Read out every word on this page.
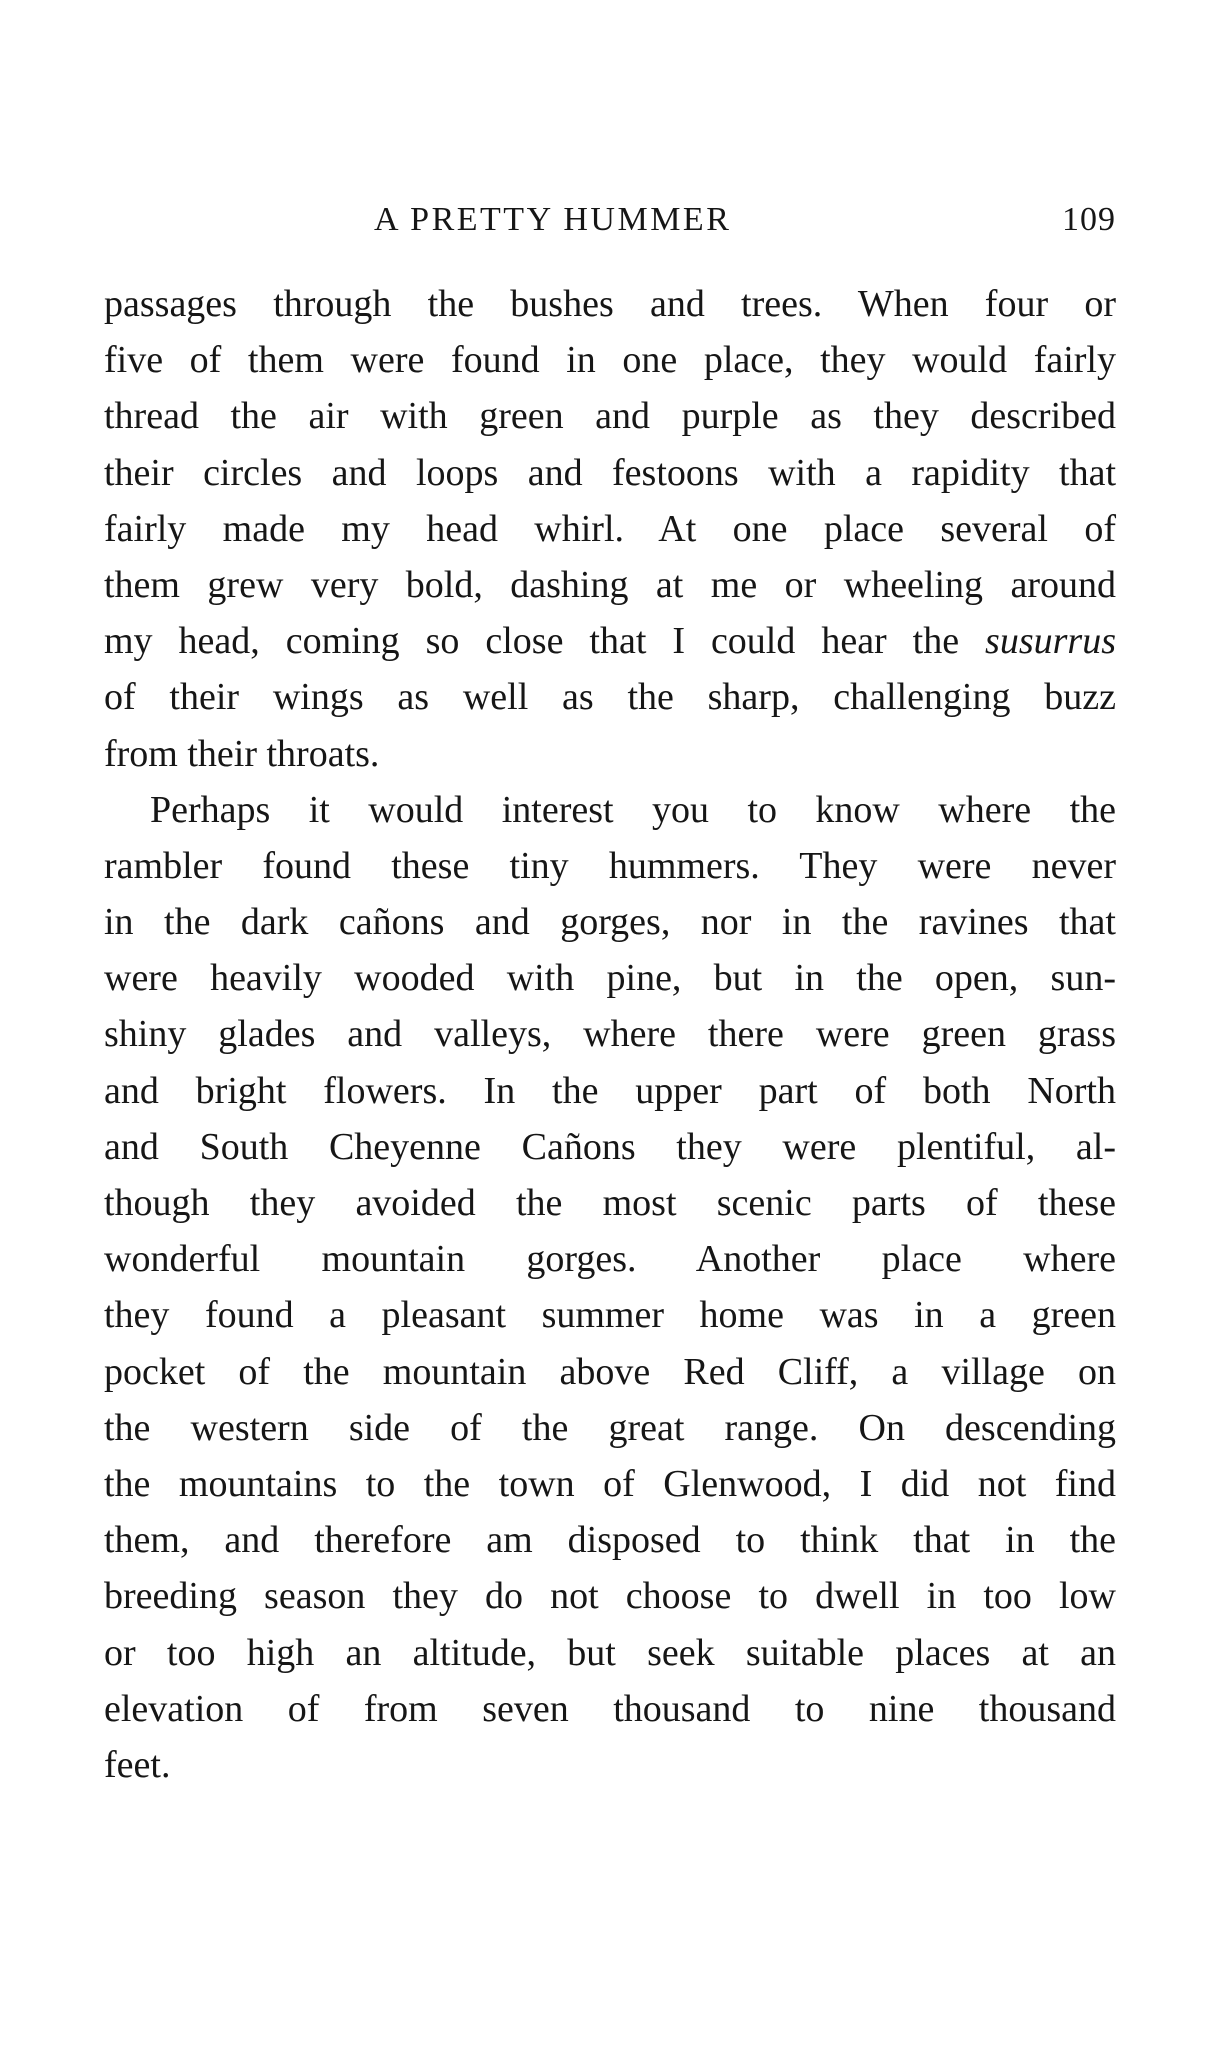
A PRETTY HUMMER	109
passages through the bushes and trees. When four or
five of them were found in one place, they would fairly
thread the air with green and purple as they described
their circles and loops and festoons with a rapidity that
fairly made my head whirl. At one place several of
them grew very bold, dashing at me or wheeling around
my head, coming so close that I could hear the susurrus
of their wings as well as the sharp, challenging buzz
from their throats.
Perhaps it would interest you to know where the
rambler found these tiny hummers. They were never
in the dark cañons and gorges, nor in the ravines that
were heavily wooded with pine, but in the open, sun-
shiny glades and valleys, where there were green grass
and bright flowers. In the upper part of both North
and South Cheyenne Cañons they were plentiful, al-
though they avoided the most scenic parts of these
wonderful mountain gorges. Another place where
they found a pleasant summer home was in a green
pocket of the mountain above Red Cliff, a village on
the western side of the great range. On descending
the mountains to the town of Glenwood, I did not find
them, and therefore am disposed to think that in the
breeding season they do not choose to dwell in too low
or too high an altitude, but seek suitable places at an
elevation of from seven thousand to nine thousand
feet.
